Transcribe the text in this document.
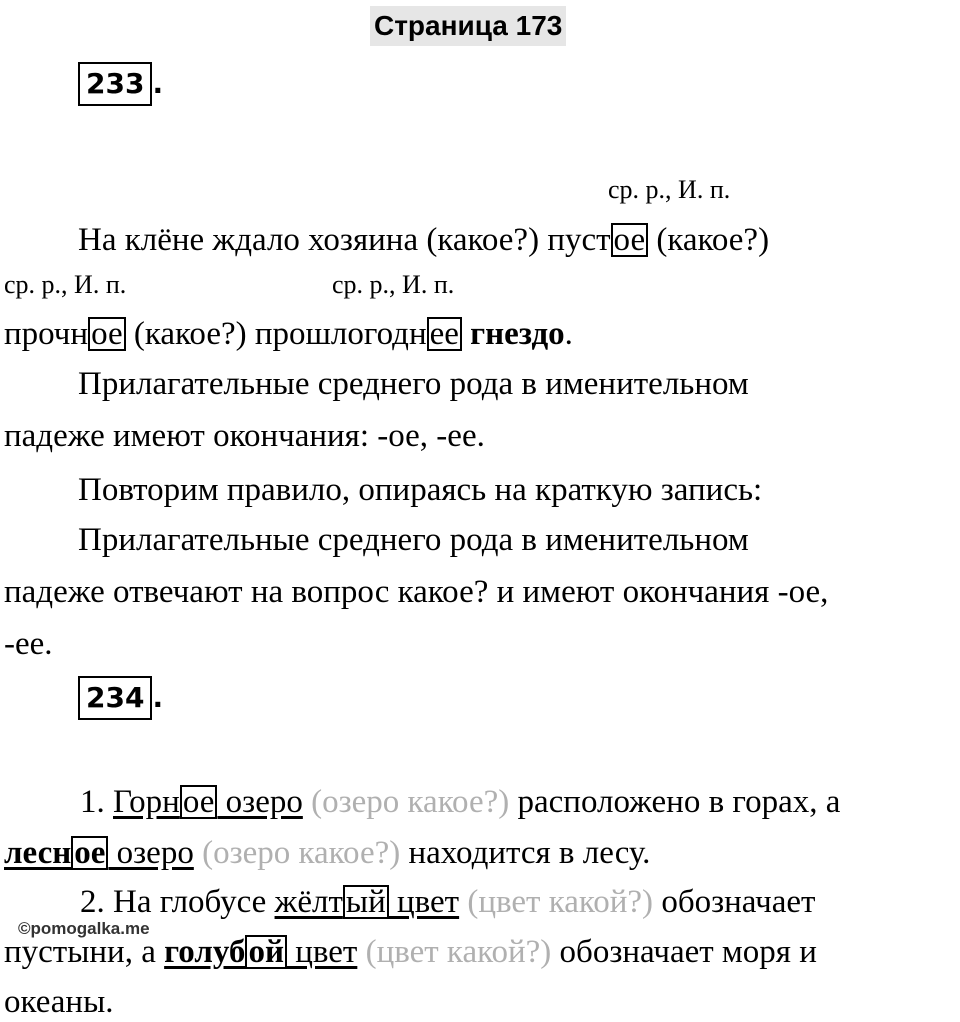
Страница 173
233 .
ср. р., И. п.
На клёне ждало хозяина (какое?) пустое (какое?)
ср. р., И. п.	ср. р., И. п.
прочное (какое?) прошлогоднее гнездо.
Прилагательные среднего рода в именительном
падеже имеют окончания: -ое, -ее.
Повторим правило, опираясь на краткую запись:
Прилагательные среднего рода в именительном
падеже отвечают на вопрос какое? и имеют окончания -ое,
-ее.
234 .
1. Горное озеро (озеро какое?) расположено в горах, а
лесное озеро (озеро какое?) находится в лесу.
2. На глобусе жёлтый цвет (цвет какой?) обозначает
©pomogalka.me
пустыни, а голубой цвет (цвет какой?) обозначает моря и
океаны.
